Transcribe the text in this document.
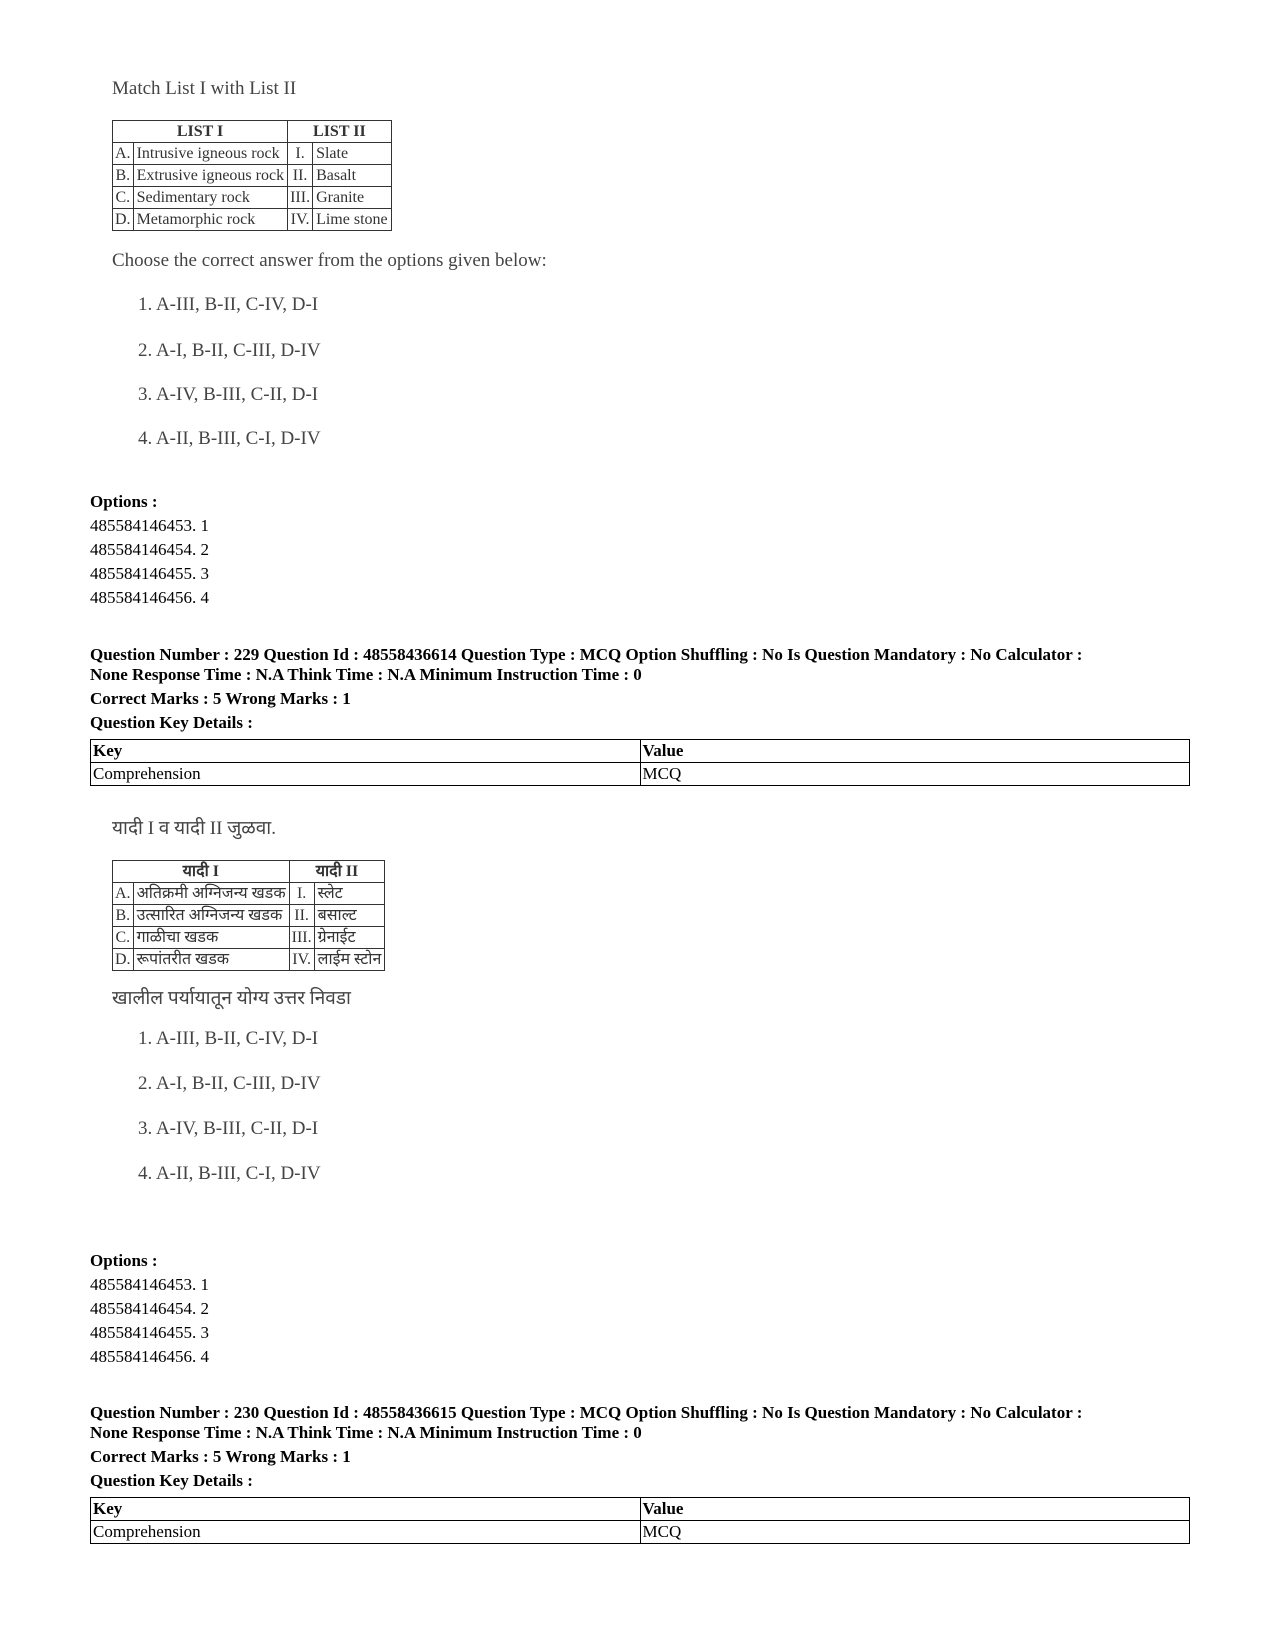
Match List I with List II
LIST I		LIST II	
A.	Intrusive igneous rock	I.	Slate
B.	Extrusive igneous rock	II.	Basalt
C.	Sedimentary rock	III.	Granite
D.	Metamorphic rock	IV.	Lime stone
Choose the correct answer from the options given below:
1. A-III, B-II, C-IV, D-I
2. A-I, B-II, C-III, D-IV
3. A-IV, B-III, C-II, D-I
4. A-II, B-III, C-I, D-IV
Options :
485584146453. 1
485584146454. 2
485584146455. 3
485584146456. 4
Question Number : 229 Question Id : 48558436614 Question Type : MCQ Option Shuffling : No Is Question Mandatory : No Calculator :
None Response Time : N.A Think Time : N.A Minimum Instruction Time : 0
Correct Marks : 5 Wrong Marks : 1
Question Key Details :
Key	Value
Comprehension	MCQ
यादी I व यादी II जुळवा.
यादी I		यादी II	
A.	अतिक्रमी अग्निजन्य खडक	I.	स्लेट
B.	उत्सारित अग्निजन्य खडक	II.	बसाल्ट
C.	गाळीचा खडक	III.	ग्रेनाईट
D.	रूपांतरीत खडक	IV.	लाईम स्टोन
खालील पर्यायातून योग्य उत्तर निवडा
1. A-III, B-II, C-IV, D-I
2. A-I, B-II, C-III, D-IV
3. A-IV, B-III, C-II, D-I
4. A-II, B-III, C-I, D-IV
Options :
485584146453. 1
485584146454. 2
485584146455. 3
485584146456. 4
Question Number : 230 Question Id : 48558436615 Question Type : MCQ Option Shuffling : No Is Question Mandatory : No Calculator :
None Response Time : N.A Think Time : N.A Minimum Instruction Time : 0
Correct Marks : 5 Wrong Marks : 1
Question Key Details :
Key	Value
Comprehension	MCQ
